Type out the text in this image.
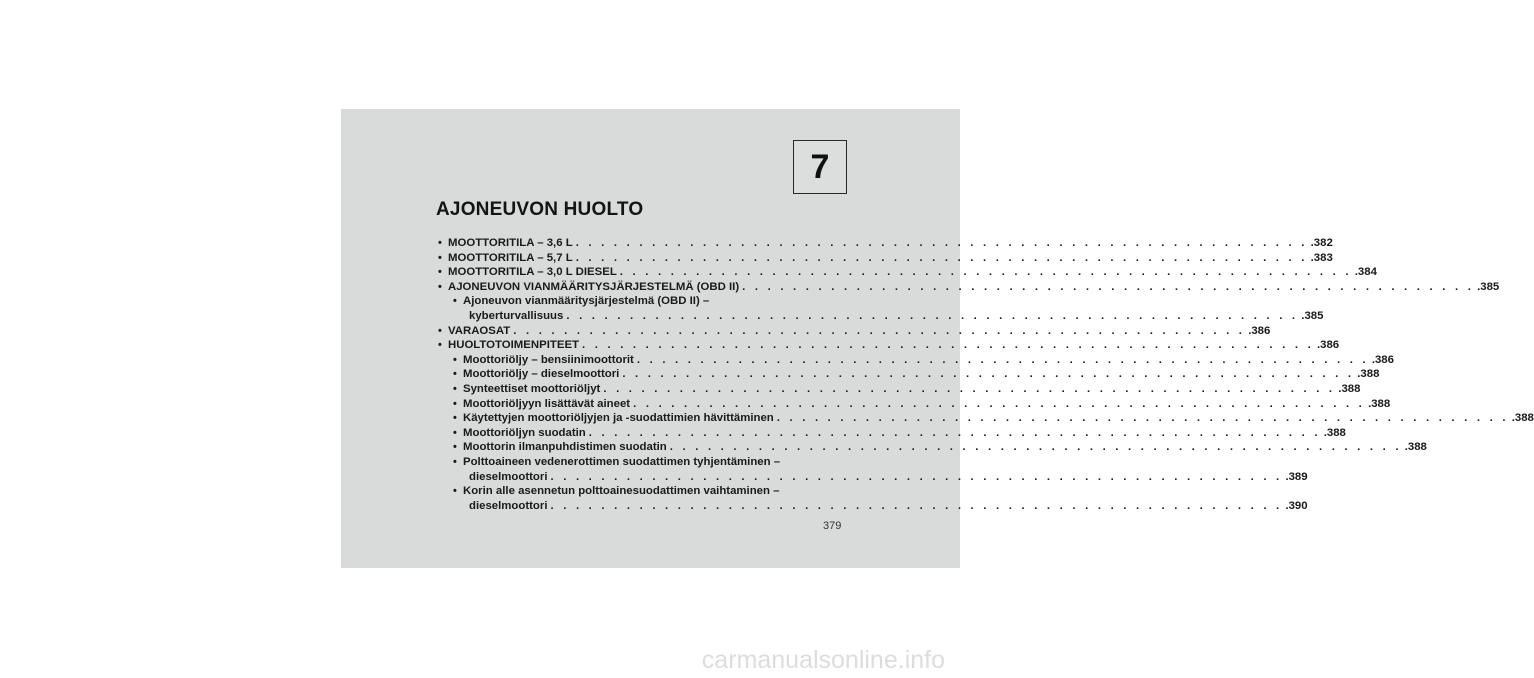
7
AJONEUVON HUOLTO
• MOOTTORITILA – 3,6 L . . . . . . . . . . . . . . . . . . . . . . . . . . . . . . . . . . . . . . . . . . . . . . . . . . . . . . . . . . .382
• MOOTTORITILA – 5,7 L . . . . . . . . . . . . . . . . . . . . . . . . . . . . . . . . . . . . . . . . . . . . . . . . . . . . . . . . . . .383
• MOOTTORITILA – 3,0 L DIESEL . . . . . . . . . . . . . . . . . . . . . . . . . . . . . . . . . . . . . . . . . . . . . . . . . . . . . . . . . . .384
• AJONEUVON VIANMÄÄRITYSJÄRJESTELMÄ (OBD II) . . . . . . . . . . . . . . . . . . . . . . . . . . . . . . . . . . . . . . . . . . . . . . . . . . . . . . . . . . .385
• Ajoneuvon vianmääritysjärjestelmä (OBD II) –
kyberturvallisuus . . . . . . . . . . . . . . . . . . . . . . . . . . . . . . . . . . . . . . . . . . . . . . . . . . . . . . . . . . .385
• VARAOSAT . . . . . . . . . . . . . . . . . . . . . . . . . . . . . . . . . . . . . . . . . . . . . . . . . . . . . . . . . . .386
• HUOLTOTOIMENPITEET . . . . . . . . . . . . . . . . . . . . . . . . . . . . . . . . . . . . . . . . . . . . . . . . . . . . . . . . . . .386
• Moottoriöljy – bensiinimoottorit . . . . . . . . . . . . . . . . . . . . . . . . . . . . . . . . . . . . . . . . . . . . . . . . . . . . . . . . . . .386
• Moottoriöljy – dieselmoottori . . . . . . . . . . . . . . . . . . . . . . . . . . . . . . . . . . . . . . . . . . . . . . . . . . . . . . . . . . .388
• Synteettiset moottoriöljyt . . . . . . . . . . . . . . . . . . . . . . . . . . . . . . . . . . . . . . . . . . . . . . . . . . . . . . . . . . .388
• Moottoriöljyyn lisättävät aineet . . . . . . . . . . . . . . . . . . . . . . . . . . . . . . . . . . . . . . . . . . . . . . . . . . . . . . . . . . .388
• Käytettyjen moottoriöljyjen ja -suodattimien hävittäminen . . . . . . . . . . . . . . . . . . . . . . . . . . . . . . . . . . . . . . . . . . . . . . . . . . . . . . . . . . .388
• Moottoriöljyn suodatin . . . . . . . . . . . . . . . . . . . . . . . . . . . . . . . . . . . . . . . . . . . . . . . . . . . . . . . . . . .388
• Moottorin ilmanpuhdistimen suodatin . . . . . . . . . . . . . . . . . . . . . . . . . . . . . . . . . . . . . . . . . . . . . . . . . . . . . . . . . . .388
• Polttoaineen vedenerottimen suodattimen tyhjentäminen –
dieselmoottori . . . . . . . . . . . . . . . . . . . . . . . . . . . . . . . . . . . . . . . . . . . . . . . . . . . . . . . . . . .389
• Korin alle asennetun polttoainesuodattimen vaihtaminen –
dieselmoottori . . . . . . . . . . . . . . . . . . . . . . . . . . . . . . . . . . . . . . . . . . . . . . . . . . . . . . . . . . .390
379
carmanualsonline.info
